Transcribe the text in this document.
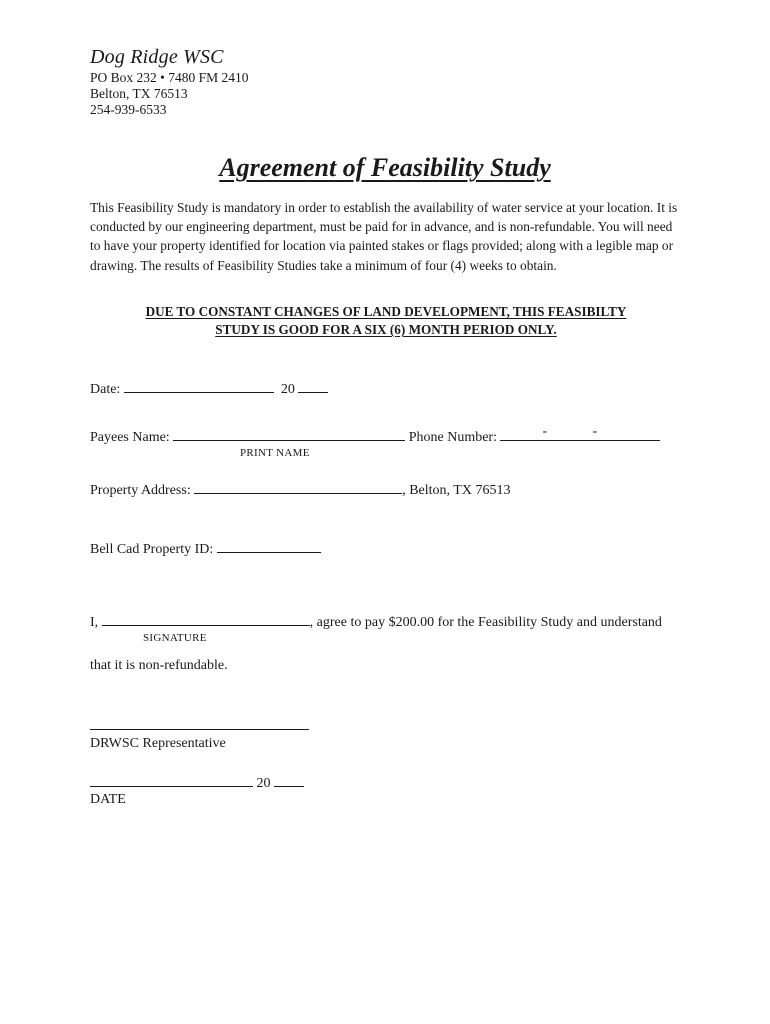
Dog Ridge WSC
PO Box 232 • 7480 FM 2410
Belton, TX 76513
254-939-6533
Agreement of Feasibility Study

This Feasibility Study is mandatory in order to establish the availability of water service at your location. It is conducted by our engineering department, must be paid for in advance, and is non-refundable. You will need to have your property identified for location via painted stakes or flags provided; along with a legible map or drawing. The results of Feasibility Studies take a minimum of four (4) weeks to obtain.

DUE TO CONSTANT CHANGES OF LAND DEVELOPMENT, THIS FEASIBILTY
STUDY IS GOOD FOR A SIX (6) MONTH PERIOD ONLY.
Date:	20
Payees Name:	Phone Number:	-	-
PRINT NAME
Property Address:	, Belton, TX 76513
Bell Cad Property ID:
I,	, agree to pay $200.00 for the Feasibility Study and understand
SIGNATURE
that it is non-refundable.
DRWSC Representative
20
DATE
